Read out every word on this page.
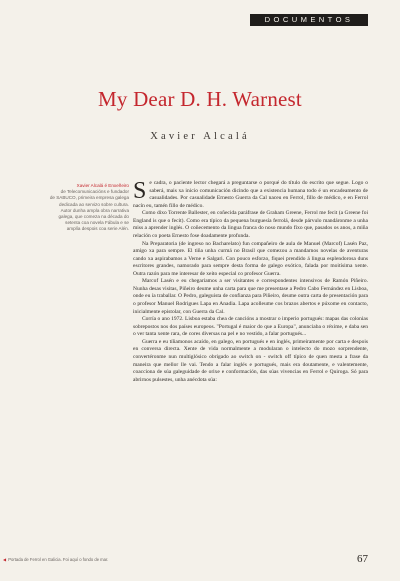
DOCUMENTOS
My Dear D. H. Warnest
Xavier Alcalá
Xavier Alcalá é Enxeñeiro
de Telecomunicacións e fundador
de SABUCO, primeira empresa galega
dedicada ao servizo sobre cultura.
Autor dunha ampla obra narrativa
galega, que comeza na década do
setenta coa novela Fábula e se
amplía despois coa serie Alén.

Se cadra, o paciente lector chegará a preguntarse o porqué do título do escrito que segue. Logo o saberá, mais xa inicio comunicación dicindo que a existencia humana todo é un encadeamento de casualidades. Por casualidade Ernesto Guerra da Cal naceu en Ferrol, fillo de médico, e en Ferrol nacín eu, tamén fillo de médico.

Como dixo Torrente Ballester, en coñecida paráfrase de Graham Greene, Ferrol me fecit (a Greene foi England is que o fecit). Como era típico da pequena burguesía ferrolá, desde párvulo mandáronme a unha miss a aprender inglés. O coñecemento da lingua franca do noso mundo fixo que, pasados os anos, a miña relación co poeta Ernesto fose doadamente profunda.

Na Preparatoria (de ingreso no Bacharelato) fun compañeiro de aula de Manuel (Marcof) Lasén Paz, amigo xa para sempre. El tiña unha curmá no Brasil que comezou a mandarnos novelas de aventuras cando xa aspirabamos a Verne e Salgari. Con pouco esforzo, fiquei prendido á lingua esplendorosa duns escritores grandes, namorado para sempre desta forma de galego exótico, falada por moitísima xente. Outra razón para me interesar de xeito especial co profesor Guerra.

Marcof Lasén e eu chegariamos a ser visitantes e correspondentes intensivos de Ramón Piñeiro. Nunha desas visitas, Piñeiro deume unha carta para que me presentase a Pedro Cabo Fernández en Lisboa, onde eu ía traballar. O Pedro, galeguista de confianza para Piñeiro, deume outra carta de presentación para o profesor Manuel Rodrigues Lapa en Anadia. Lapa acolleume cos brazos abertos e púxome en contacto, inicialmente epistolar, con Guerra da Cal.

Corría o ano 1972. Lisboa estaba chea de cancións a mostrar o imperio portugués: mapas das colonias sobrepostos nos dos países europeos. "Portugal é maior do que a Europa", anunciaba o réxime, e daba sen o ver tanta xente rara, de cores diversas na pel e no vestido, a falar portugués...

Guerra e eu tíñamonos acaído, en galego, en portugués e en inglés, primeiramente por carta e despois en conversa directa. Xente de vida normalmente a modularan o intelecto do mozo sorprendente, convertéronme nun multiglósico obrigado ao switch on - switch off típico de quen mesta a frase da maneira que mellor lle vai. Tendo a falar inglés e portugués, mais era doutamente, e valentemente, coacciona de súa galeguidade de orixe e conformación, das súas vivencias en Ferrol e Quiroga. Só para abrirnos pulsestes, unha anécdota súa:

◀ Portada de Ferrol en Galicia. Foi aquí o fondo de mar.	67
